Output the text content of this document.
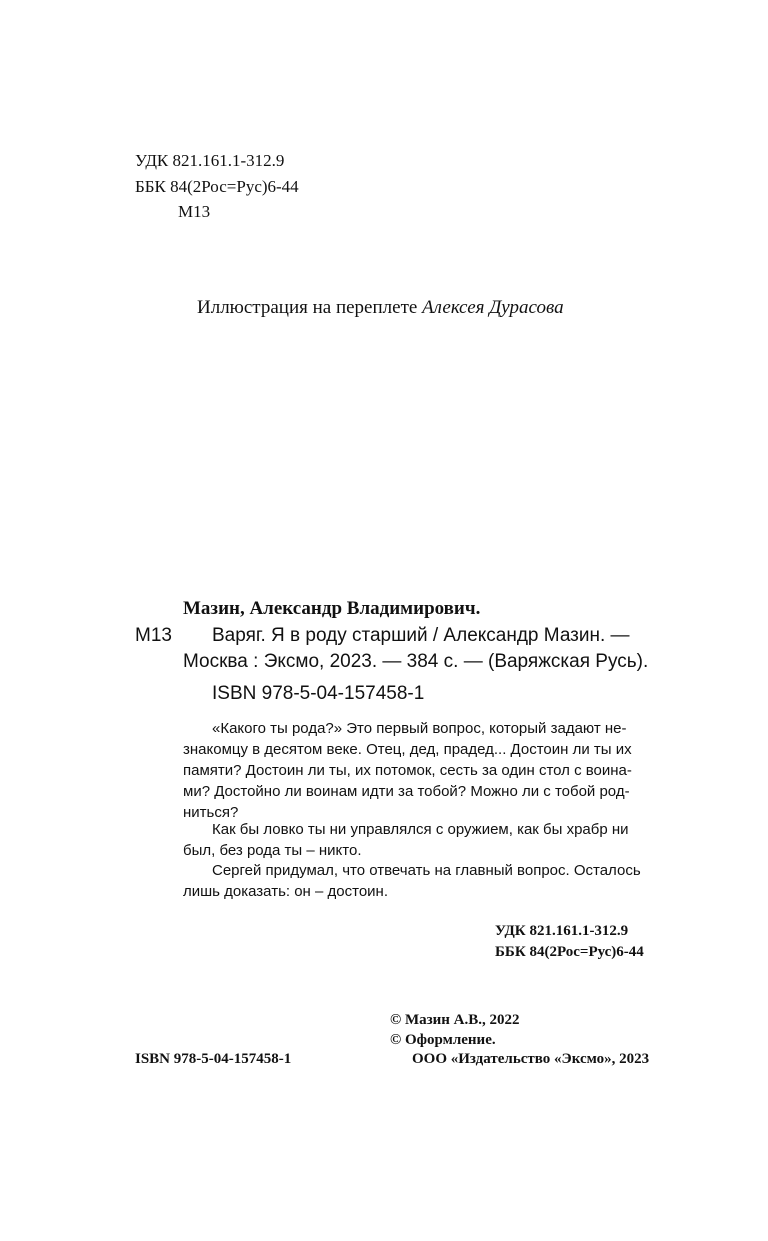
УДК 821.161.1-312.9
ББК 84(2Рос=Рус)6-44
М13
Иллюстрация на переплете Алексея Дурасова
Мазин, Александр Владимирович.
М13 Варяг. Я в роду старший / Александр Мазин. —
Москва : Эксмо, 2023. — 384 с. — (Варяжская Русь).
ISBN 978-5-04-157458-1
«Какого ты рода?» Это первый вопрос, который задают не-
знакомцу в десятом веке. Отец, дед, прадед... Достоин ли ты их
памяти? Достоин ли ты, их потомок, сесть за один стол с воина-
ми? Достойно ли воинам идти за тобой? Можно ли с тобой род-
ниться?
Как бы ловко ты ни управлялся с оружием, как бы храбр ни
был, без рода ты – никто.
Сергей придумал, что отвечать на главный вопрос. Осталось
лишь доказать: он – достоин.
УДК 821.161.1-312.9
ББК 84(2Рос=Рус)6-44
© Мазин А.В., 2022
© Оформление.
ISBN 978-5-04-157458-1	ООО «Издательство «Эксмо», 2023
